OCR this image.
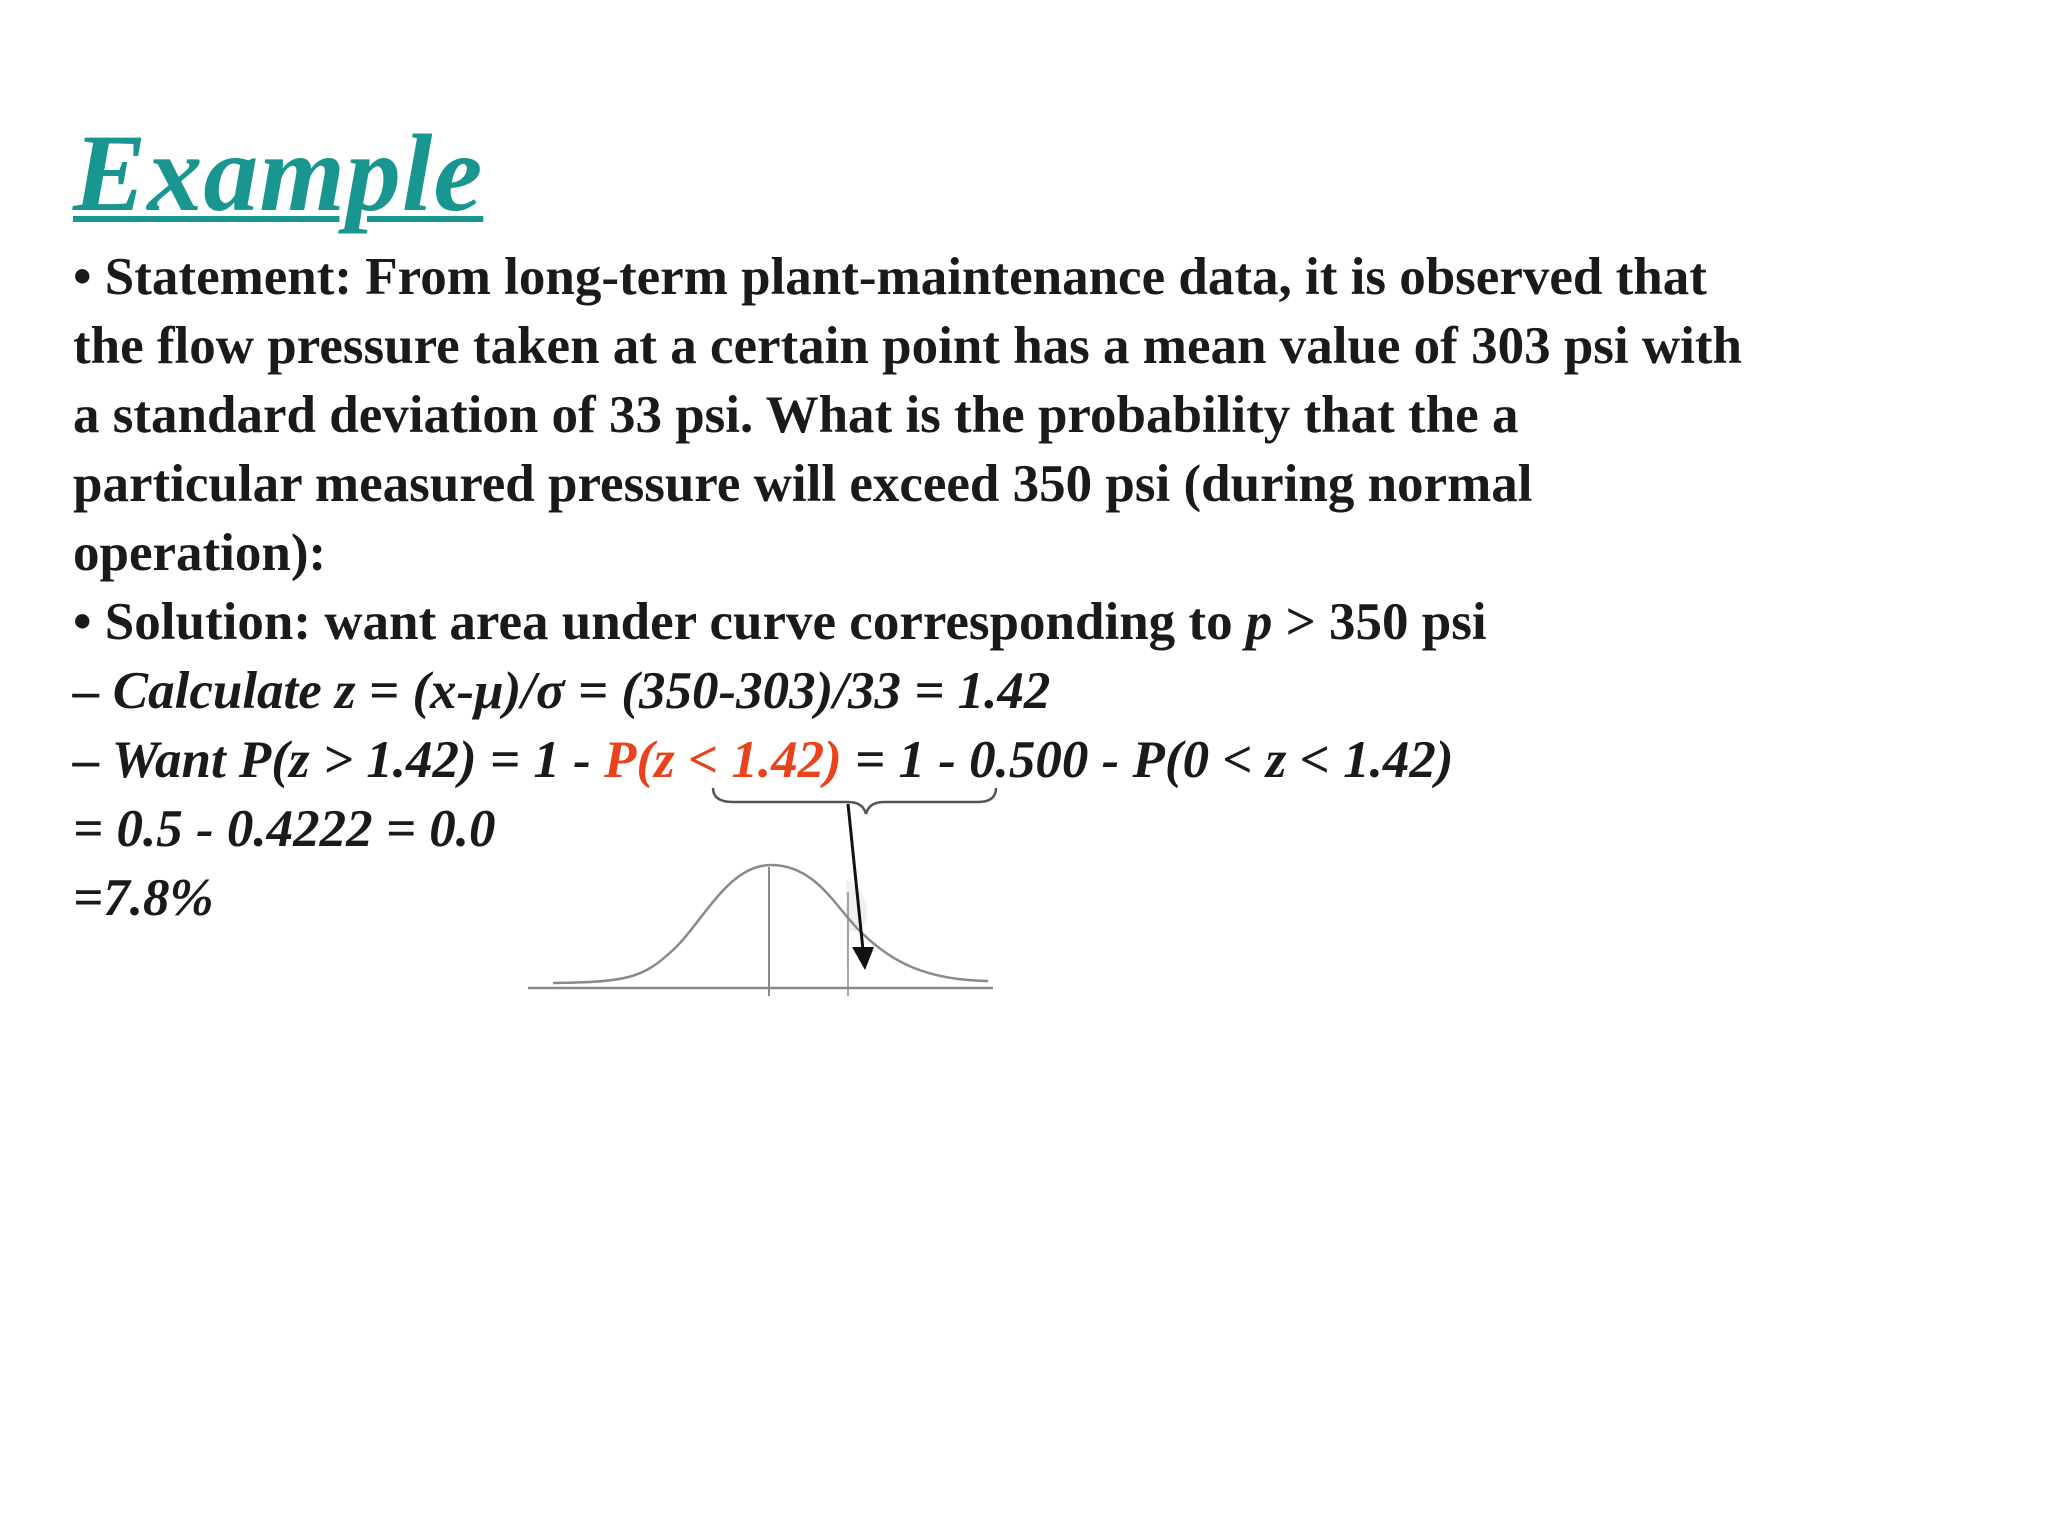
Example
• Statement: From long-term plant-maintenance data, it is observed that
the flow pressure taken at a certain point has a mean value of 303 psi with
a standard deviation of 33 psi. What is the probability that the a
particular measured pressure will exceed 350 psi (during normal
operation):
• Solution: want area under curve corresponding to p > 350 psi
– Calculate z = (x-μ)/σ = (350-303)/33 = 1.42
– Want P(z > 1.42) = 1 - P(z < 1.42) = 1 - 0.500 - P(0 < z < 1.42)
= 0.5 - 0.4222 = 0.0
=7.8%
